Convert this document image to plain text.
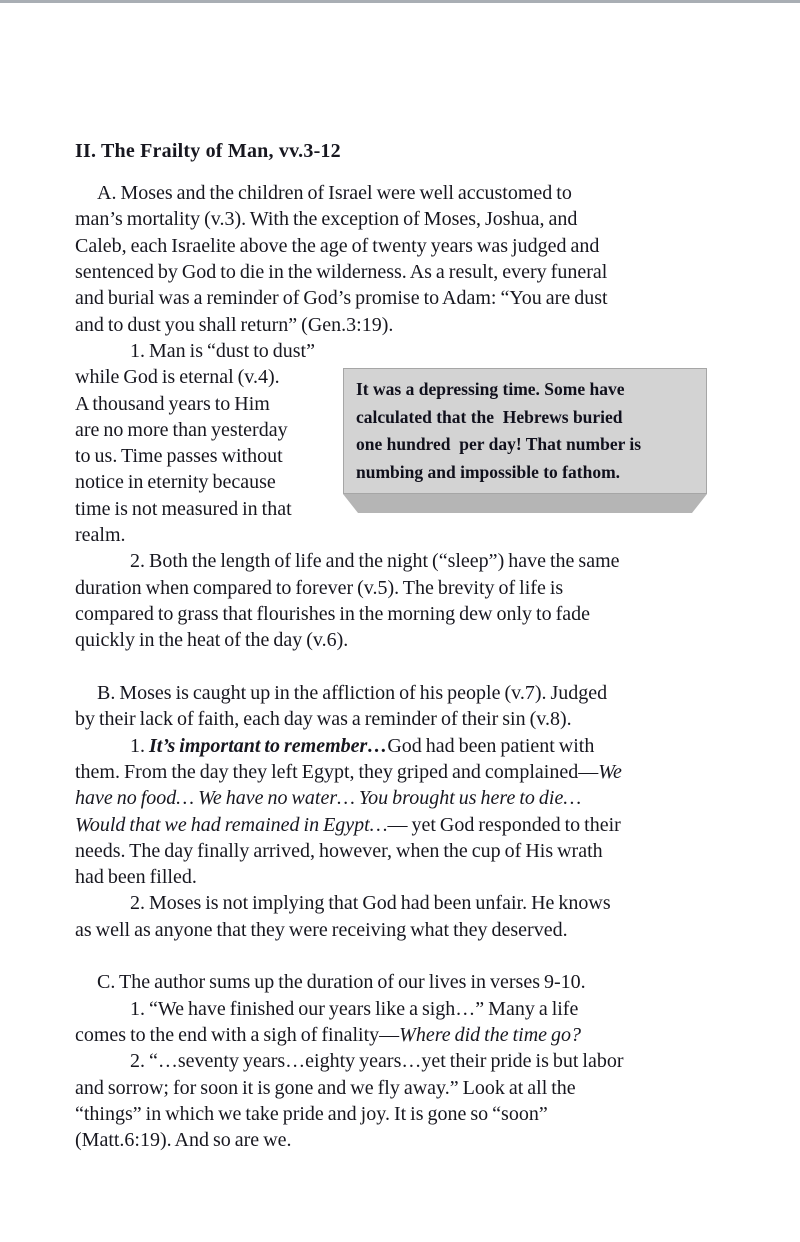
II. The Frailty of Man, vv.3-12
A. Moses and the children of Israel were well accustomed to
man’s mortality (v.3). With the exception of Moses, Joshua, and
Caleb, each Israelite above the age of twenty years was judged and
sentenced by God to die in the wilderness. As a result, every funeral
and burial was a reminder of God’s promise to Adam: “You are dust
and to dust you shall return” (Gen.3:19).
1. Man is “dust to dust”
while God is eternal (v.4).
A thousand years to Him
are no more than yesterday
to us. Time passes without
notice in eternity because
time is not measured in that
realm.
2. Both the length of life and the night (“sleep”) have the same
duration when compared to forever (v.5). The brevity of life is
compared to grass that flourishes in the morning dew only to fade
quickly in the heat of the day (v.6).

B. Moses is caught up in the affliction of his people (v.7). Judged
by their lack of faith, each day was a reminder of their sin (v.8).
1. It’s important to remember…God had been patient with
them. From the day they left Egypt, they griped and complained—We
have no food… We have no water… You brought us here to die…
Would that we had remained in Egypt…— yet God responded to their
needs. The day finally arrived, however, when the cup of His wrath
had been filled.
2. Moses is not implying that God had been unfair. He knows
as well as anyone that they were receiving what they deserved.

C. The author sums up the duration of our lives in verses 9-10.
1. “We have finished our years like a sigh…” Many a life
comes to the end with a sigh of finality—Where did the time go?
2. “…seventy years…eighty years…yet their pride is but labor
and sorrow; for soon it is gone and we fly away.” Look at all the
“things” in which we take pride and joy. It is gone so “soon”
(Matt.6:19). And so are we.
It was a depressing time. Some have
calculated that the  Hebrews buried
one hundred  per day! That number is
numbing and impossible to fathom.
